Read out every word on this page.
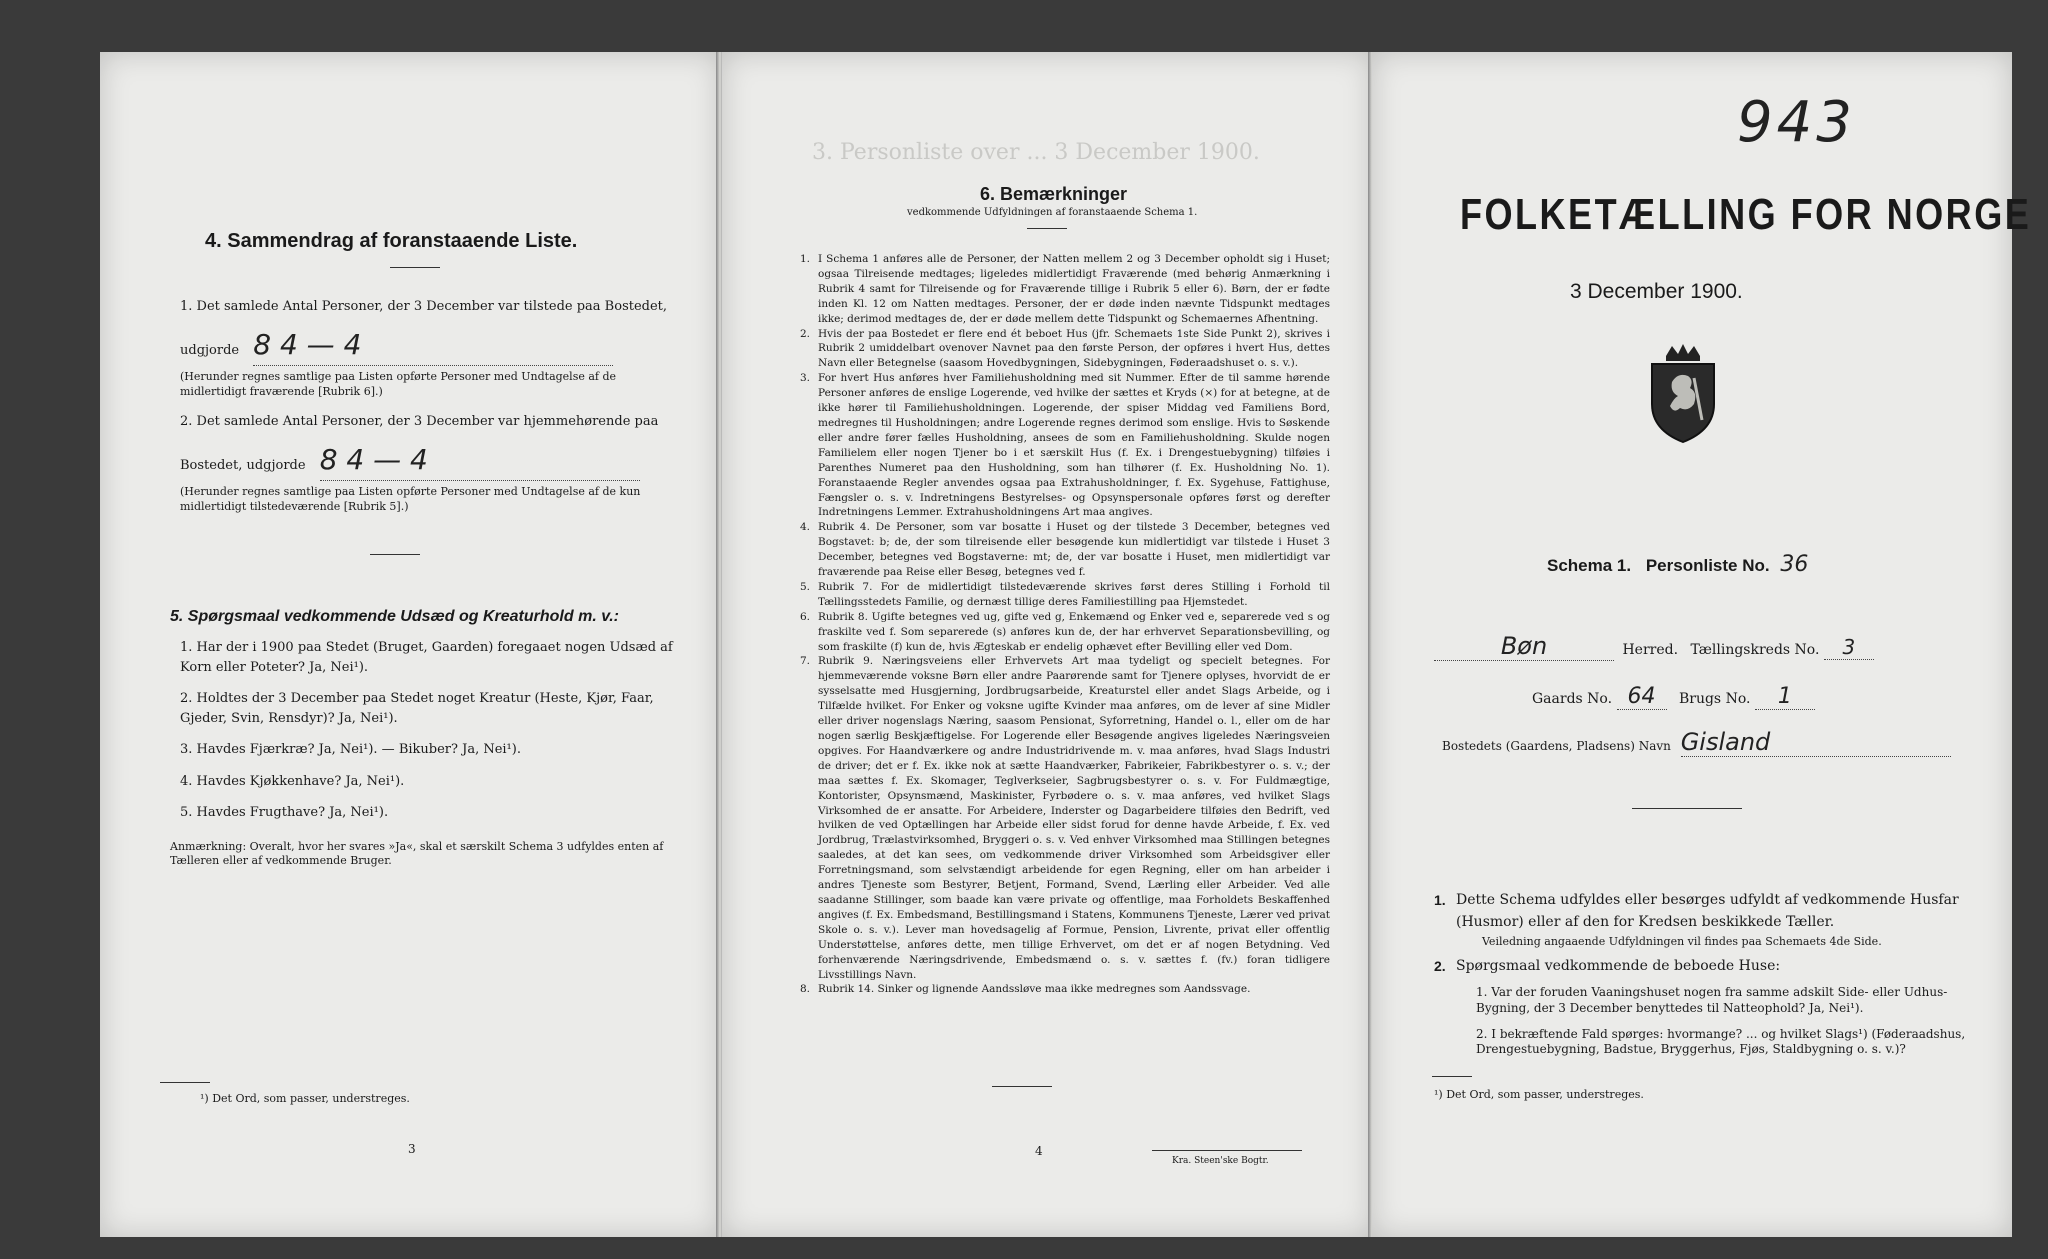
4. Sammendrag af foranstaaende Liste.
1. Det samlede Antal Personer, der 3 December var tilstede paa Bostedet,
udgjorde 8 4 — 4
(Herunder regnes samtlige paa Listen opførte Personer med Undtagelse af de midlertidigt fraværende [Rubrik 6].)
2. Det samlede Antal Personer, der 3 December var hjemmehørende paa
Bostedet, udgjorde 8 4 — 4
(Herunder regnes samtlige paa Listen opførte Personer med Undtagelse af de kun midlertidigt tilstedeværende [Rubrik 5].)
5. Spørgsmaal vedkommende Udsæd og Kreaturhold m. v.:
1. Har der i 1900 paa Stedet (Bruget, Gaarden) foregaaet nogen Udsæd af Korn eller Poteter? Ja, Nei¹).
2. Holdtes der 3 December paa Stedet noget Kreatur (Heste, Kjør, Faar, Gjeder, Svin, Rensdyr)? Ja, Nei¹).
3. Havdes Fjærkræ? Ja, Nei¹). — Bikuber? Ja, Nei¹).
4. Havdes Kjøkkenhave? Ja, Nei¹).
5. Havdes Frugthave? Ja, Nei¹).
Anmærkning: Overalt, hvor her svares »Ja«, skal et særskilt Schema 3 udfyldes enten af Tælleren eller af vedkommende Bruger.
¹) Det Ord, som passer, understreges.
3
3. Personliste over ... 3 December 1900.
6. Bemærkninger
vedkommende Udfyldningen af foranstaaende Schema 1.
1. I Schema 1 anføres alle de Personer, der Natten mellem 2 og 3 December opholdt sig i Huset; ogsaa Tilreisende medtages; ligeledes midlertidigt Fraværende (med behørig Anmærkning i Rubrik 4 samt for Tilreisende og for Fraværende tillige i Rubrik 5 eller 6). Børn, der er fødte inden Kl. 12 om Natten medtages. Personer, der er døde inden nævnte Tidspunkt medtages ikke; derimod medtages de, der er døde mellem dette Tidspunkt og Schemaernes Afhentning.
2. Hvis der paa Bostedet er flere end ét beboet Hus (jfr. Schemaets 1ste Side Punkt 2), skrives i Rubrik 2 umiddelbart ovenover Navnet paa den første Person, der opføres i hvert Hus, dettes Navn eller Betegnelse (saasom Hovedbygningen, Sidebygningen, Føderaadshuset o. s. v.).
3. For hvert Hus anføres hver Familiehusholdning med sit Nummer. Efter de til samme hørende Personer anføres de enslige Logerende, ved hvilke der sættes et Kryds (×) for at betegne, at de ikke hører til Familiehusholdningen. Logerende, der spiser Middag ved Familiens Bord, medregnes til Husholdningen; andre Logerende regnes derimod som enslige. Hvis to Søskende eller andre fører fælles Husholdning, ansees de som en Familiehusholdning. Skulde nogen Familielem eller nogen Tjener bo i et særskilt Hus (f. Ex. i Drengestuebygning) tilføies i Parenthes Numeret paa den Husholdning, som han tilhører (f. Ex. Husholdning No. 1). Foranstaaende Regler anvendes ogsaa paa Extrahusholdninger, f. Ex. Sygehuse, Fattighuse, Fængsler o. s. v. Indretningens Bestyrelses- og Opsynspersonale opføres først og derefter Indretningens Lemmer. Extrahusholdningens Art maa angives.
4. Rubrik 4. De Personer, som var bosatte i Huset og der tilstede 3 December, betegnes ved Bogstavet: b; de, der som tilreisende eller besøgende kun midlertidigt var tilstede i Huset 3 December, betegnes ved Bogstaverne: mt; de, der var bosatte i Huset, men midlertidigt var fraværende paa Reise eller Besøg, betegnes ved f.
5. Rubrik 7. For de midlertidigt tilstedeværende skrives først deres Stilling i Forhold til Tællingsstedets Familie, og dernæst tillige deres Familiestilling paa Hjemstedet.
6. Rubrik 8. Ugifte betegnes ved ug, gifte ved g, Enkemænd og Enker ved e, separerede ved s og fraskilte ved f. Som separerede (s) anføres kun de, der har erhvervet Separationsbevilling, og som fraskilte (f) kun de, hvis Ægteskab er endelig ophævet efter Bevilling eller ved Dom.
7. Rubrik 9. Næringsveiens eller Erhvervets Art maa tydeligt og specielt betegnes. For hjemmeværende voksne Børn eller andre Paarørende samt for Tjenere oplyses, hvorvidt de er sysselsatte med Husgjerning, Jordbrugsarbeide, Kreaturstel eller andet Slags Arbeide, og i Tilfælde hvilket. For Enker og voksne ugifte Kvinder maa anføres, om de lever af sine Midler eller driver nogenslags Næring, saasom Pensionat, Syforretning, Handel o. l., eller om de har nogen særlig Beskjæftigelse. For Logerende eller Besøgende angives ligeledes Næringsveien opgives. For Haandværkere og andre Industridrivende m. v. maa anføres, hvad Slags Industri de driver; det er f. Ex. ikke nok at sætte Haandværker, Fabrikeier, Fabrikbestyrer o. s. v.; der maa sættes f. Ex. Skomager, Teglverkseier, Sagbrugsbestyrer o. s. v. For Fuldmægtige, Kontorister, Opsynsmænd, Maskinister, Fyrbødere o. s. v. maa anføres, ved hvilket Slags Virksomhed de er ansatte. For Arbeidere, Inderster og Dagarbeidere tilføies den Bedrift, ved hvilken de ved Optællingen har Arbeide eller sidst forud for denne havde Arbeide, f. Ex. ved Jordbrug, Trælastvirksomhed, Bryggeri o. s. v. Ved enhver Virksomhed maa Stillingen betegnes saaledes, at det kan sees, om vedkommende driver Virksomhed som Arbeidsgiver eller Forretningsmand, som selvstændigt arbeidende for egen Regning, eller om han arbeider i andres Tjeneste som Bestyrer, Betjent, Formand, Svend, Lærling eller Arbeider. Ved alle saadanne Stillinger, som baade kan være private og offentlige, maa Forholdets Beskaffenhed angives (f. Ex. Embedsmand, Bestillingsmand i Statens, Kommunens Tjeneste, Lærer ved privat Skole o. s. v.). Lever man hovedsagelig af Formue, Pension, Livrente, privat eller offentlig Understøttelse, anføres dette, men tillige Erhvervet, om det er af nogen Betydning. Ved forhenværende Næringsdrivende, Embedsmænd o. s. v. sættes f. (fv.) foran tidligere Livsstillings Navn.
8. Rubrik 14. Sinker og lignende Aandssløve maa ikke medregnes som Aandssvage.
4
Kra. Steen'ske Bogtr.
943
FOLKETÆLLING FOR NORGE
3 December 1900.
Schema 1. Personliste No. 36
Bøn	Herred. Tællingskreds No. 3
Gaards No. 64 Brugs No. 1
Bostedets (Gaardens, Pladsens) Navn Gisland
1. Dette Schema udfyldes eller besørges udfyldt af vedkommende Husfar (Husmor) eller af den for Kredsen beskikkede Tæller.
Veiledning angaaende Udfyldningen vil findes paa Schemaets 4de Side.
2. Spørgsmaal vedkommende de beboede Huse:
1. Var der foruden Vaaningshuset nogen fra samme adskilt Side- eller Udhus-Bygning, der 3 December benyttedes til Natteophold? Ja, Nei¹).
2. I bekræftende Fald spørges: hvormange? ... og hvilket Slags¹) (Føderaadshus, Drengestuebygning, Badstue, Bryggerhus, Fjøs, Staldbygning o. s. v.)?
¹) Det Ord, som passer, understreges.
